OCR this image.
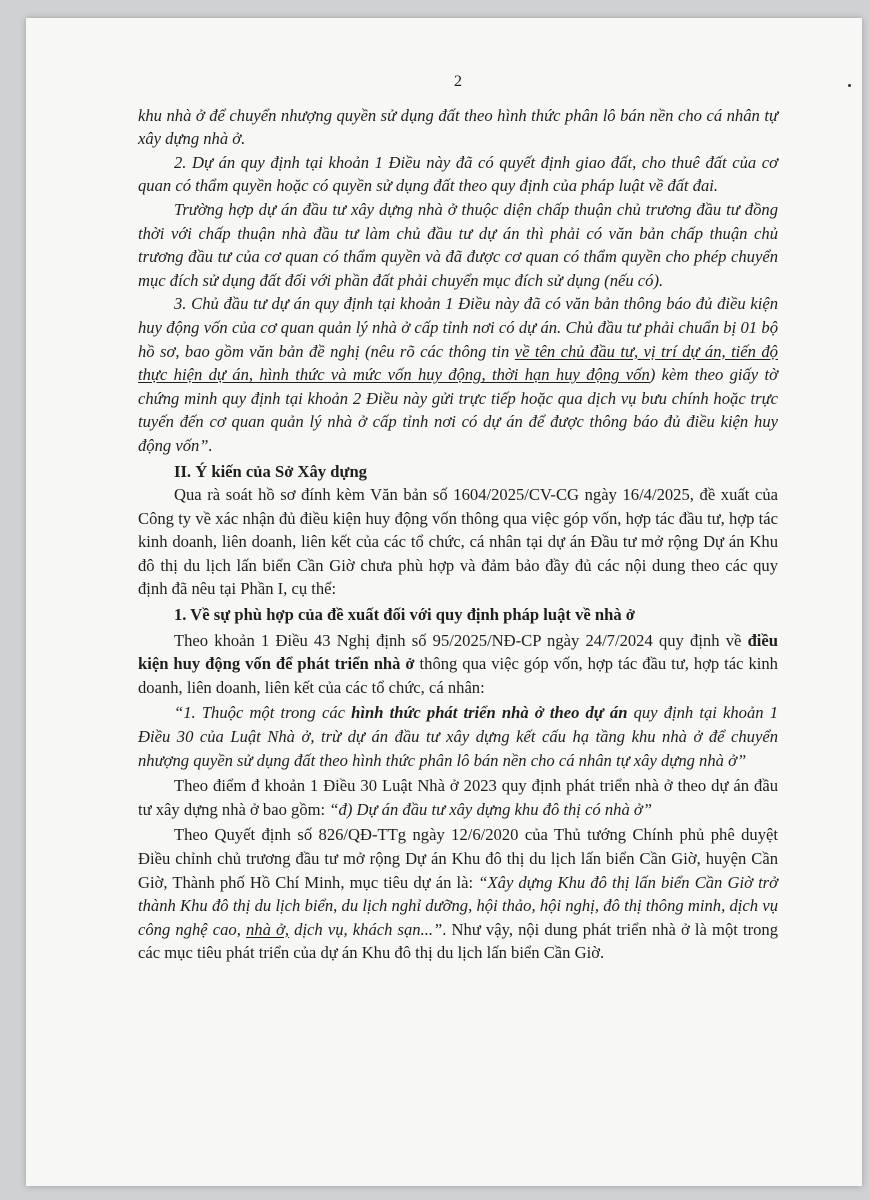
2

khu nhà ở để chuyển nhượng quyền sử dụng đất theo hình thức phân lô bán nền cho cá nhân tự xây dựng nhà ở.

2. Dự án quy định tại khoản 1 Điều này đã có quyết định giao đất, cho thuê đất của cơ quan có thẩm quyền hoặc có quyền sử dụng đất theo quy định của pháp luật về đất đai.

Trường hợp dự án đầu tư xây dựng nhà ở thuộc diện chấp thuận chủ trương đầu tư đồng thời với chấp thuận nhà đầu tư làm chủ đầu tư dự án thì phải có văn bản chấp thuận chủ trương đầu tư của cơ quan có thẩm quyền và đã được cơ quan có thẩm quyền cho phép chuyển mục đích sử dụng đất đối với phần đất phải chuyển mục đích sử dụng (nếu có).

3. Chủ đầu tư dự án quy định tại khoản 1 Điều này đã có văn bản thông báo đủ điều kiện huy động vốn của cơ quan quản lý nhà ở cấp tỉnh nơi có dự án. Chủ đầu tư phải chuẩn bị 01 bộ hồ sơ, bao gồm văn bản đề nghị (nêu rõ các thông tin về tên chủ đầu tư, vị trí dự án, tiến độ thực hiện dự án, hình thức và mức vốn huy động, thời hạn huy động vốn) kèm theo giấy tờ chứng minh quy định tại khoản 2 Điều này gửi trực tiếp hoặc qua dịch vụ bưu chính hoặc trực tuyến đến cơ quan quản lý nhà ở cấp tỉnh nơi có dự án để được thông báo đủ điều kiện huy động vốn”.

II. Ý kiến của Sở Xây dựng

Qua rà soát hồ sơ đính kèm Văn bản số 1604/2025/CV-CG ngày 16/4/2025, đề xuất của Công ty về xác nhận đủ điều kiện huy động vốn thông qua việc góp vốn, hợp tác đầu tư, hợp tác kinh doanh, liên doanh, liên kết của các tổ chức, cá nhân tại dự án Đầu tư mở rộng Dự án Khu đô thị du lịch lấn biển Cần Giờ chưa phù hợp và đảm bảo đầy đủ các nội dung theo các quy định đã nêu tại Phần I, cụ thể:

1. Về sự phù hợp của đề xuất đối với quy định pháp luật về nhà ở

Theo khoản 1 Điều 43 Nghị định số 95/2025/NĐ-CP ngày 24/7/2024 quy định về điều kiện huy động vốn để phát triển nhà ở thông qua việc góp vốn, hợp tác đầu tư, hợp tác kinh doanh, liên doanh, liên kết của các tổ chức, cá nhân:

“1. Thuộc một trong các hình thức phát triển nhà ở theo dự án quy định tại khoản 1 Điều 30 của Luật Nhà ở, trừ dự án đầu tư xây dựng kết cấu hạ tầng khu nhà ở để chuyển nhượng quyền sử dụng đất theo hình thức phân lô bán nền cho cá nhân tự xây dựng nhà ở”

Theo điểm đ khoản 1 Điều 30 Luật Nhà ở 2023 quy định phát triển nhà ở theo dự án đầu tư xây dựng nhà ở bao gồm: “đ) Dự án đầu tư xây dựng khu đô thị có nhà ở”

Theo Quyết định số 826/QĐ-TTg ngày 12/6/2020 của Thủ tướng Chính phủ phê duyệt Điều chỉnh chủ trương đầu tư mở rộng Dự án Khu đô thị du lịch lấn biển Cần Giờ, huyện Cần Giờ, Thành phố Hồ Chí Minh, mục tiêu dự án là: “Xây dựng Khu đô thị lấn biển Cần Giờ trở thành Khu đô thị du lịch biển, du lịch nghỉ dưỡng, hội thảo, hội nghị, đô thị thông minh, dịch vụ công nghệ cao, nhà ở, dịch vụ, khách sạn...”. Như vậy, nội dung phát triển nhà ở là một trong các mục tiêu phát triển của dự án Khu đô thị du lịch lấn biển Cần Giờ.
